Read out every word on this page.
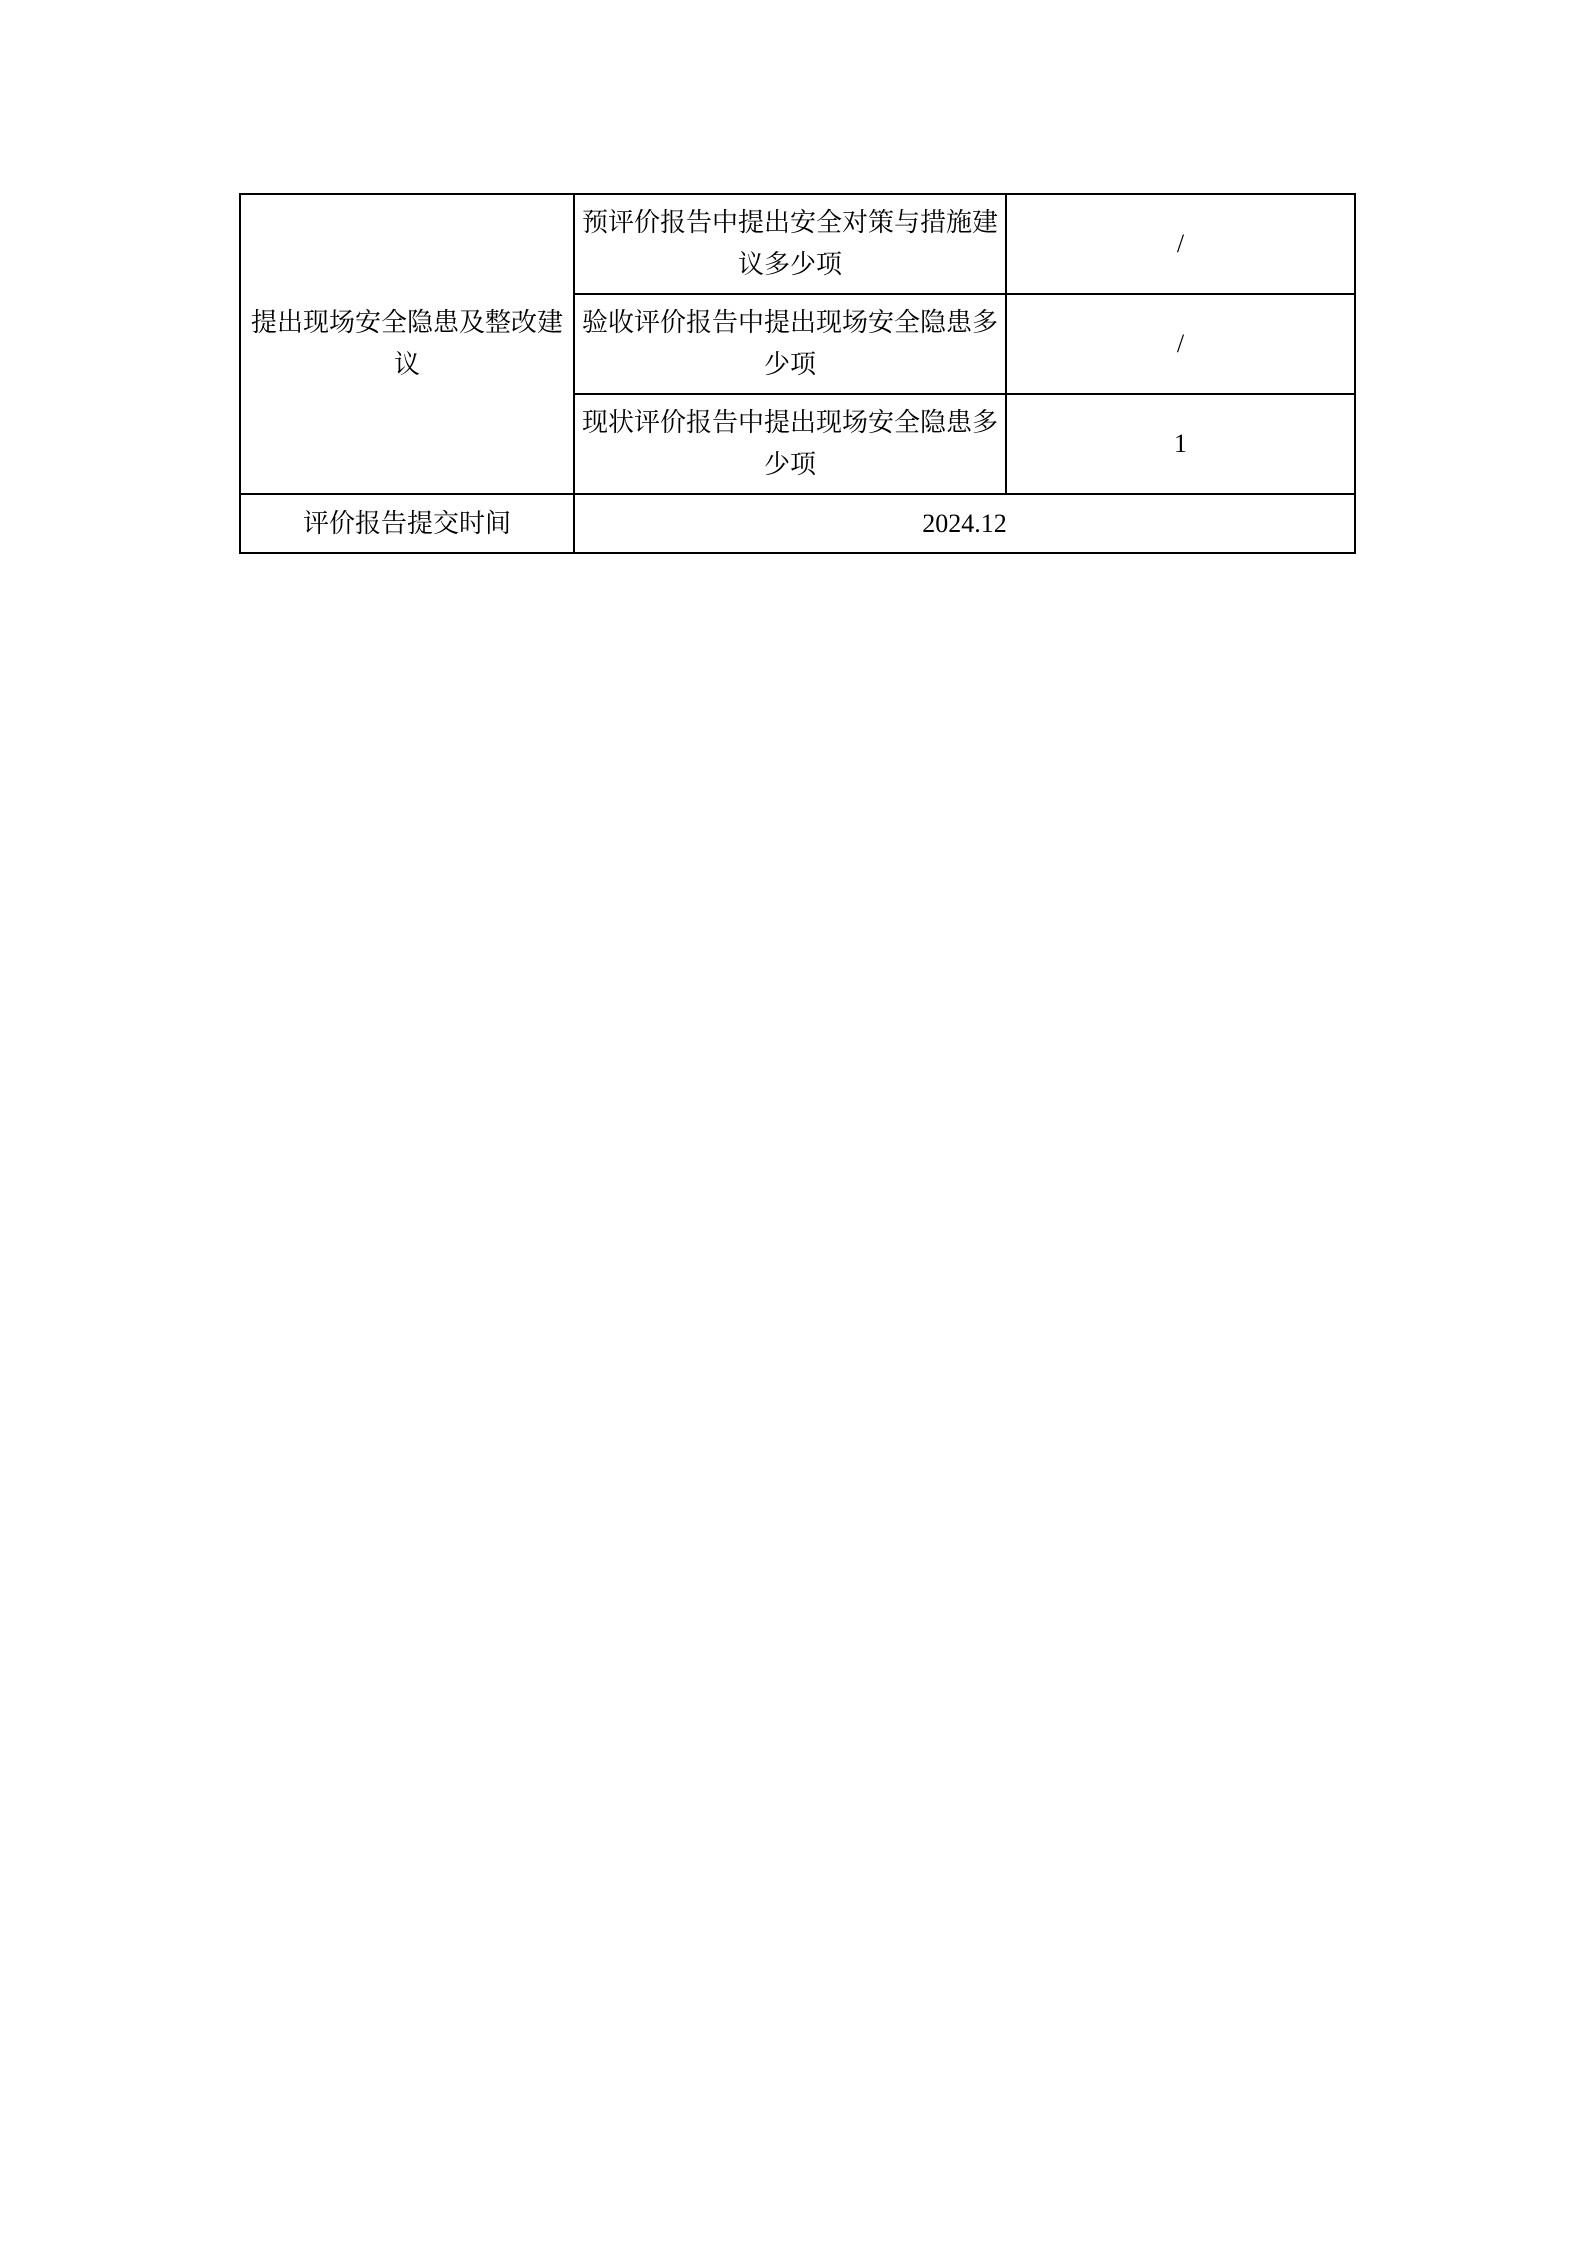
提出现场安全隐患及整改建议	预评价报告中提出安全对策与措施建议多少项	/
	验收评价报告中提出现场安全隐患多少项	/
	现状评价报告中提出现场安全隐患多少项	1
评价报告提交时间	2024.12	
